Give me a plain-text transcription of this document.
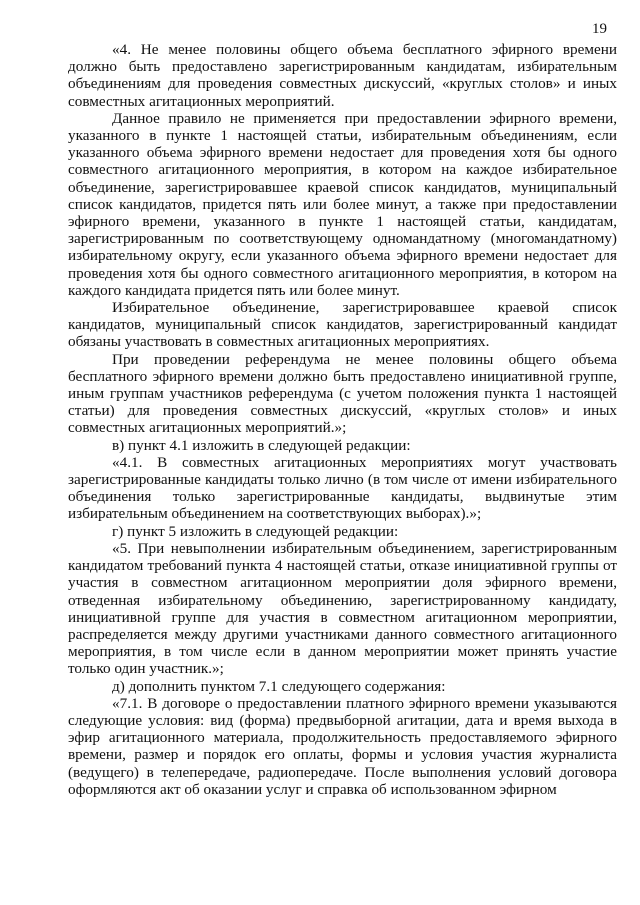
19

«4. Не менее половины общего объема бесплатного эфирного времени должно быть предоставлено зарегистрированным кандидатам, избирательным объединениям для проведения совместных дискуссий, «круглых столов» и иных совместных агитационных мероприятий.

Данное правило не применяется при предоставлении эфирного времени, указанного в пункте 1 настоящей статьи, избирательным объединениям, если указанного объема эфирного времени недостает для проведения хотя бы одного совместного агитационного мероприятия, в котором на каждое избирательное объединение, зарегистрировавшее краевой список кандидатов, муниципальный список кандидатов, придется пять или более минут, а также при предоставлении эфирного времени, указанного в пункте 1 настоящей статьи, кандидатам, зарегистрированным по соответствующему одномандатному (многомандатному) избирательному округу, если указанного объема эфирного времени недостает для проведения хотя бы одного совместного агитационного мероприятия, в котором на каждого кандидата придется пять или более минут.

Избирательное объединение, зарегистрировавшее краевой список кандидатов, муниципальный список кандидатов, зарегистрированный кандидат обязаны участвовать в совместных агитационных мероприятиях.

При проведении референдума не менее половины общего объема бесплатного эфирного времени должно быть предоставлено инициативной группе, иным группам участников референдума (с учетом положения пункта 1 настоящей статьи) для проведения совместных дискуссий, «круглых столов» и иных совместных агитационных мероприятий.»;

в) пункт 4.1 изложить в следующей редакции:

«4.1. В совместных агитационных мероприятиях могут участвовать зарегистрированные кандидаты только лично (в том числе от имени избирательного объединения только зарегистрированные кандидаты, выдвинутые этим избирательным объединением на соответствующих выборах).»;

г) пункт 5 изложить в следующей редакции:

«5. При невыполнении избирательным объединением, зарегистрированным кандидатом требований пункта 4 настоящей статьи, отказе инициативной группы от участия в совместном агитационном мероприятии доля эфирного времени, отведенная избирательному объединению, зарегистрированному кандидату, инициативной группе для участия в совместном агитационном мероприятии, распределяется между другими участниками данного совместного агитационного мероприятия, в том числе если в данном мероприятии может принять участие только один участник.»;

д) дополнить пунктом 7.1 следующего содержания:

«7.1. В договоре о предоставлении платного эфирного времени указываются следующие условия: вид (форма) предвыборной агитации, дата и время выхода в эфир агитационного материала, продолжительность предоставляемого эфирного времени, размер и порядок его оплаты, формы и условия участия журналиста (ведущего) в телепередаче, радиопередаче. После выполнения условий договора оформляются акт об оказании услуг и справка об использованном эфирном
